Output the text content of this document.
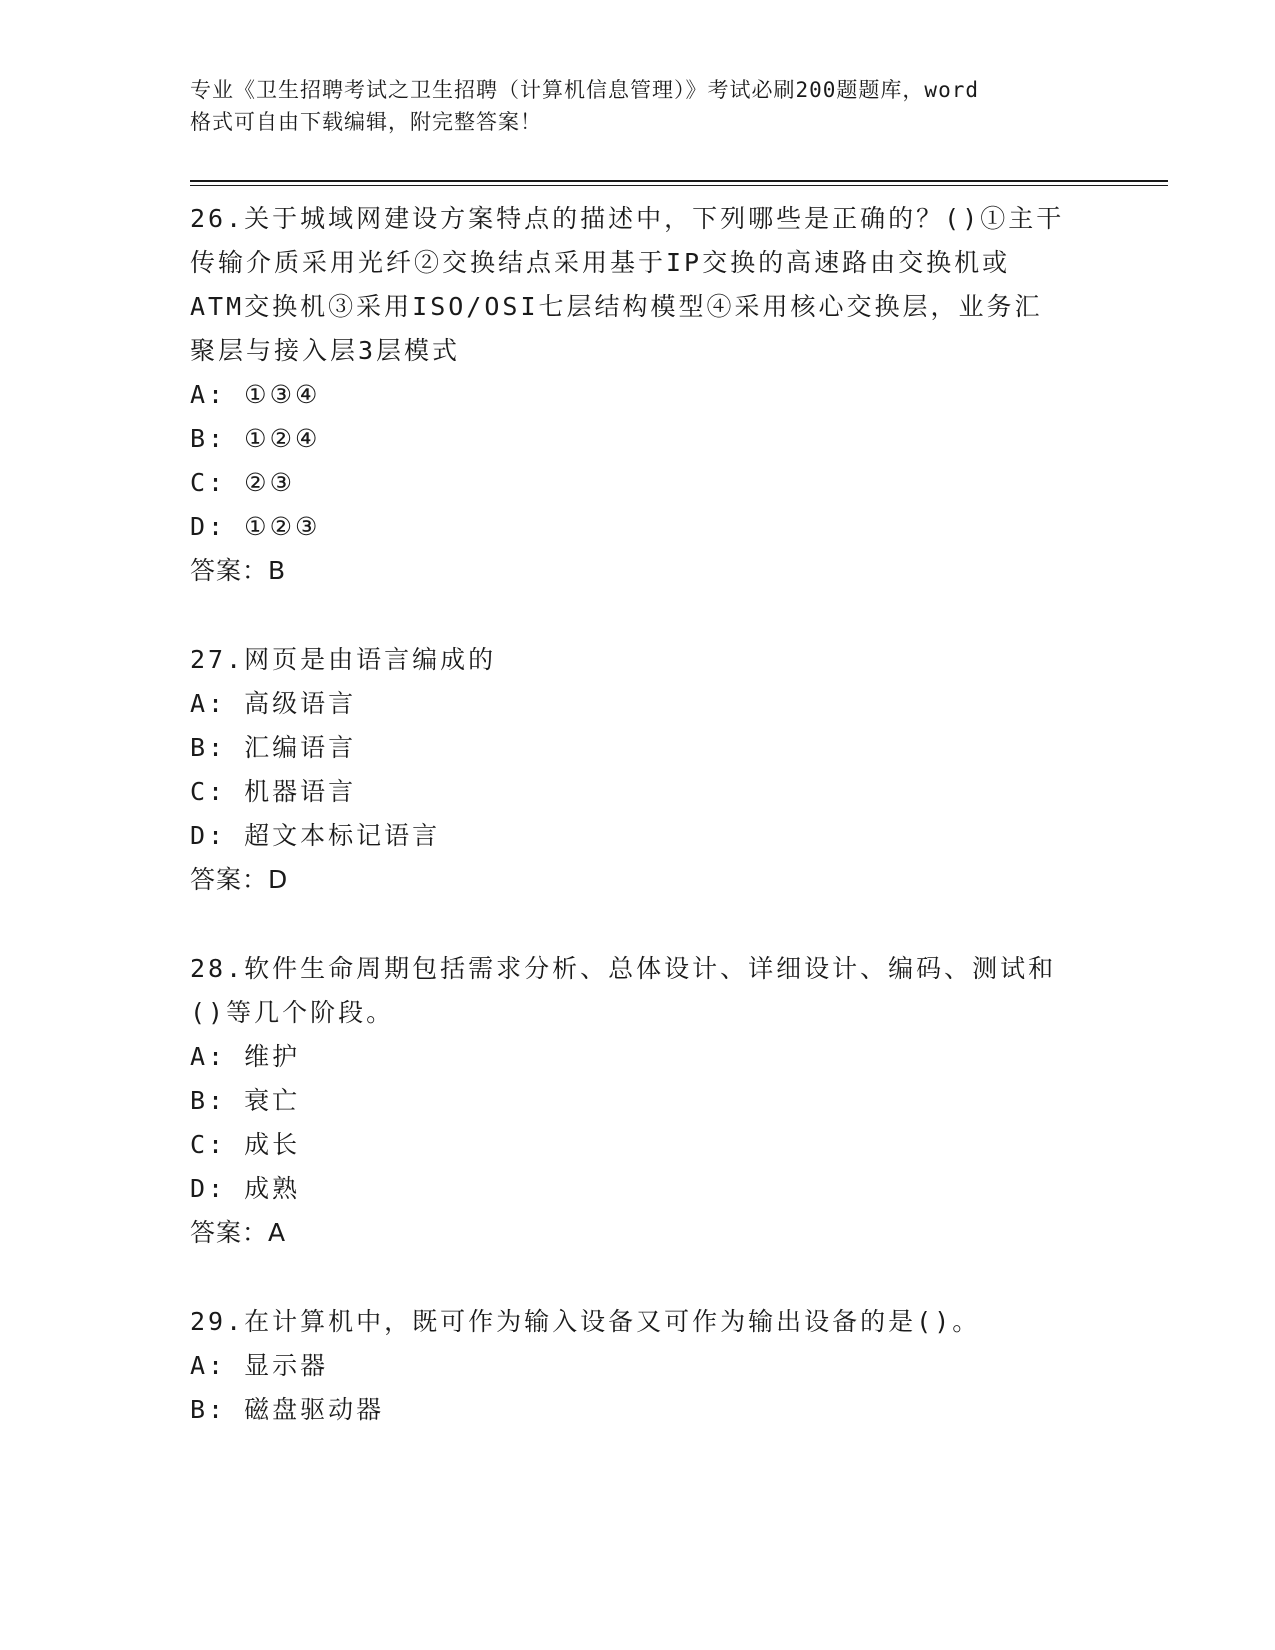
专业《卫生招聘考试之卫生招聘（计算机信息管理）》考试必刷200题题库，word
格式可自由下载编辑，附完整答案！
26.关于城域网建设方案特点的描述中，下列哪些是正确的？()①主干
传输介质采用光纤②交换结点采用基于IP交换的高速路由交换机或
ATM交换机③采用ISO/OSI七层结构模型④采用核心交换层，业务汇
聚层与接入层3层模式
A: ①③④
B: ①②④
C: ②③
D: ①②③
答案：B
27.网页是由语言编成的
A: 高级语言
B: 汇编语言
C: 机器语言
D: 超文本标记语言
答案：D
28.软件生命周期包括需求分析、总体设计、详细设计、编码、测试和
()等几个阶段。
A: 维护
B: 衰亡
C: 成长
D: 成熟
答案：A
29.在计算机中，既可作为输入设备又可作为输出设备的是()。
A: 显示器
B: 磁盘驱动器
